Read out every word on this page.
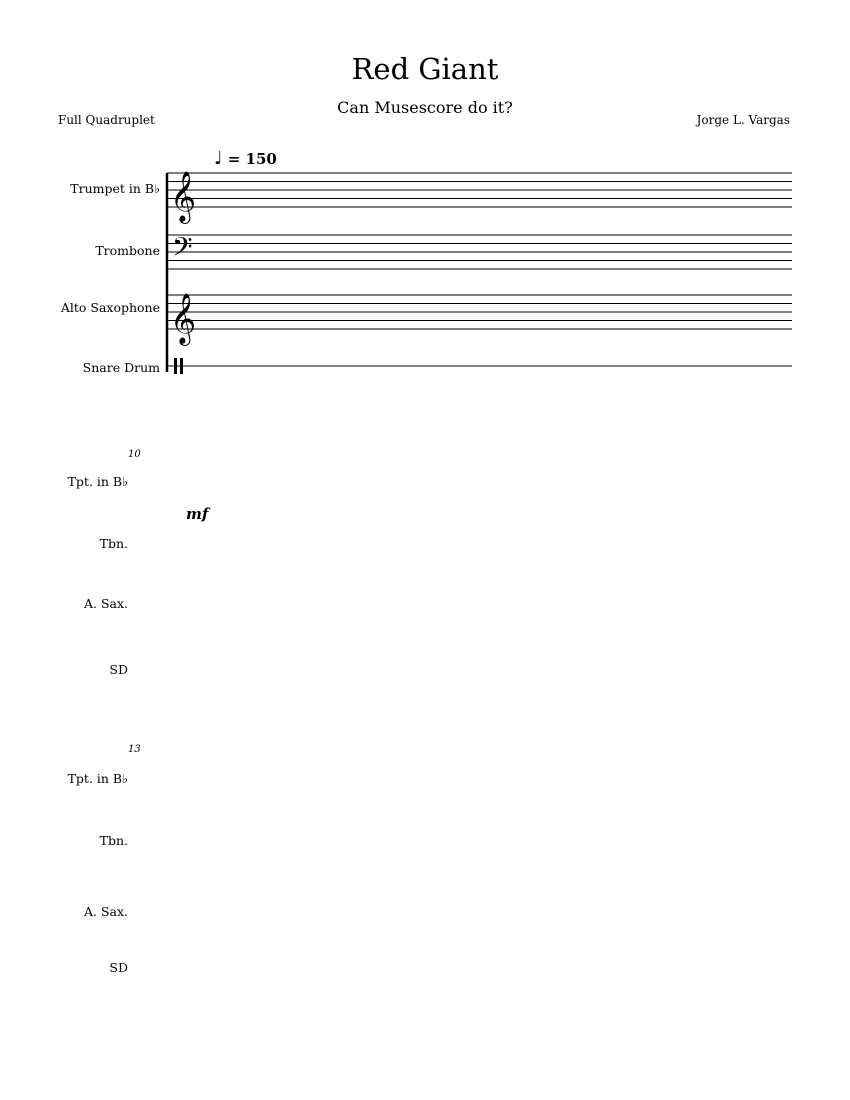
Red Giant
Can Musescore do it?
Full Quadruplet	Jorge L. Vargas
♩ = 150
Trumpet in B♭
Trombone
Alto Saxophone
Snare Drum
10
Tpt. in B♭
Tbn.
A. Sax.
SD
13
Tpt. in B♭
Tbn.
A. Sax.
SD
mf
𝄞
𝄢
𝄞
